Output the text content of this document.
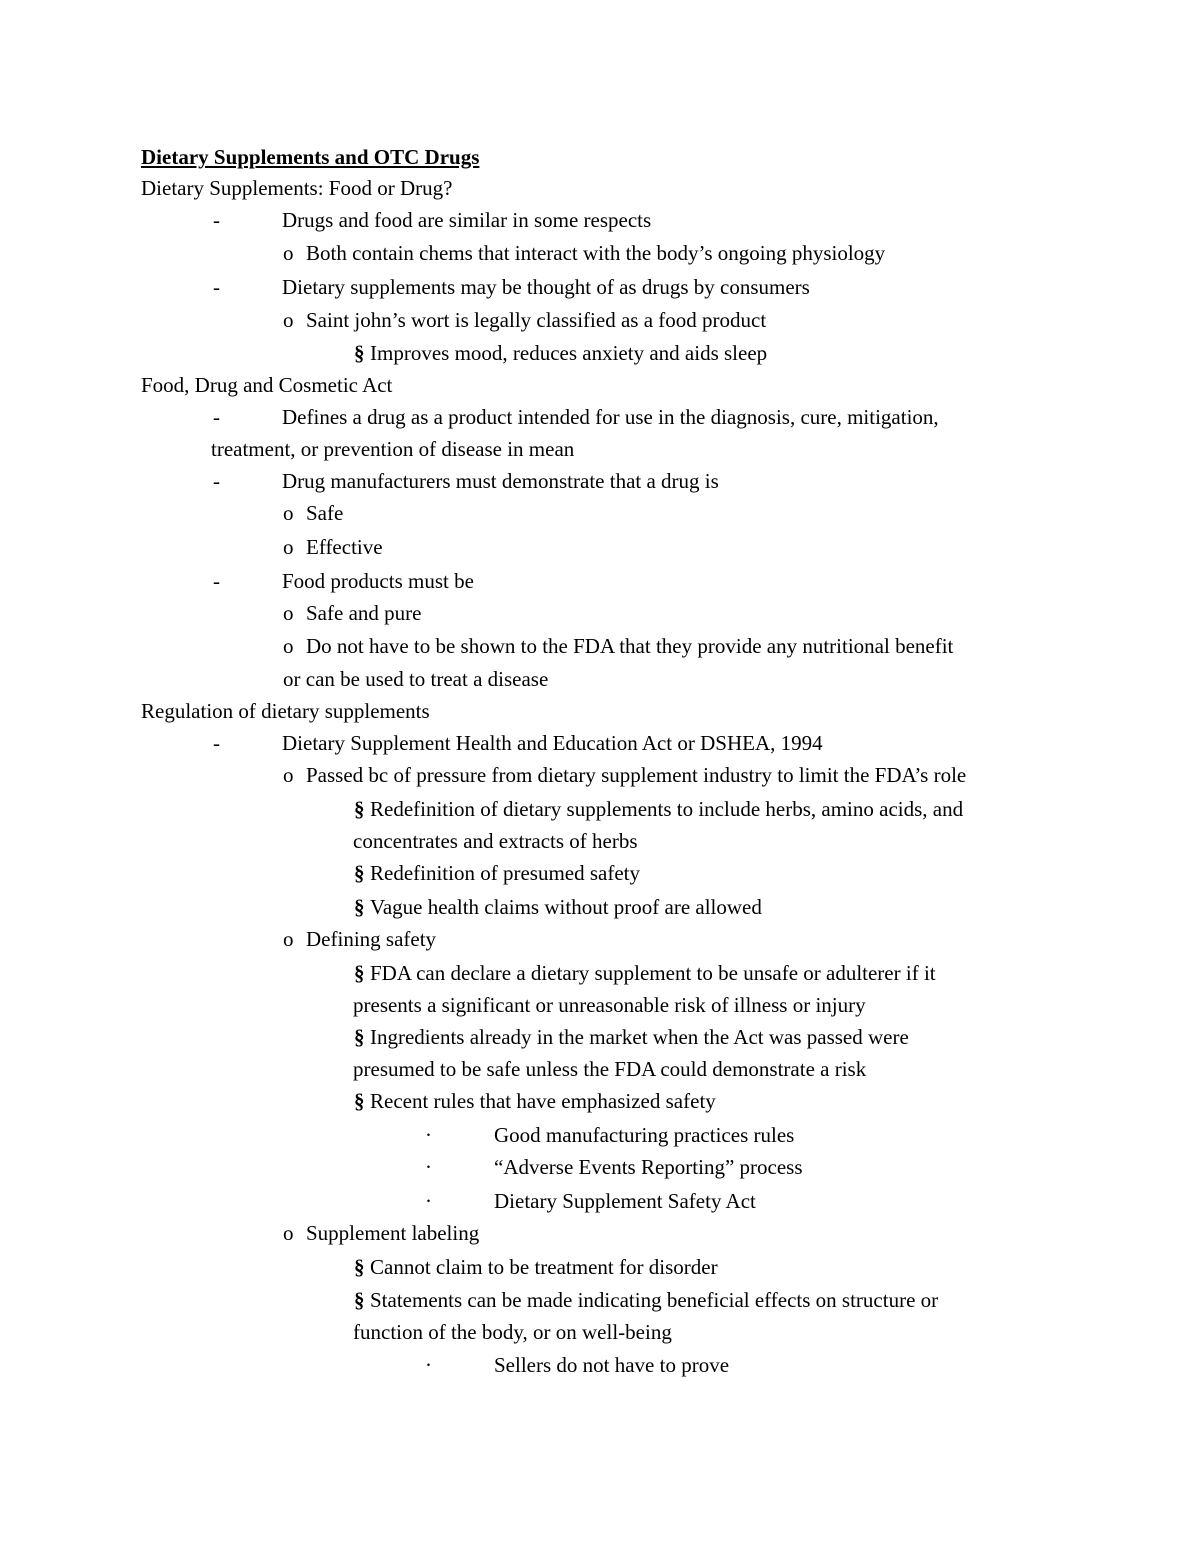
Dietary Supplements and OTC Drugs
Dietary Supplements: Food or Drug?
-	Drugs and food are similar in some respects
o Both contain chems that interact with the body’s ongoing physiology
-	Dietary supplements may be thought of as drugs by consumers
o Saint john’s wort is legally classified as a food product
§ Improves mood, reduces anxiety and aids sleep
Food, Drug and Cosmetic Act
-	Defines a drug as a product intended for use in the diagnosis, cure, mitigation,
treatment, or prevention of disease in mean
-	Drug manufacturers must demonstrate that a drug is
o Safe
o Effective
-	Food products must be
o Safe and pure
o Do not have to be shown to the FDA that they provide any nutritional benefit
or can be used to treat a disease
Regulation of dietary supplements
-	Dietary Supplement Health and Education Act or DSHEA, 1994
o Passed bc of pressure from dietary supplement industry to limit the FDA’s role
§ Redefinition of dietary supplements to include herbs, amino acids, and
concentrates and extracts of herbs
§ Redefinition of presumed safety
§ Vague health claims without proof are allowed
o Defining safety
§ FDA can declare a dietary supplement to be unsafe or adulterer if it
presents a significant or unreasonable risk of illness or injury
§ Ingredients already in the market when the Act was passed were
presumed to be safe unless the FDA could demonstrate a risk
§ Recent rules that have emphasized safety
·	Good manufacturing practices rules
·	“Adverse Events Reporting” process
·	Dietary Supplement Safety Act
o Supplement labeling
§ Cannot claim to be treatment for disorder
§ Statements can be made indicating beneficial effects on structure or
function of the body, or on well-being
·	Sellers do not have to prove
